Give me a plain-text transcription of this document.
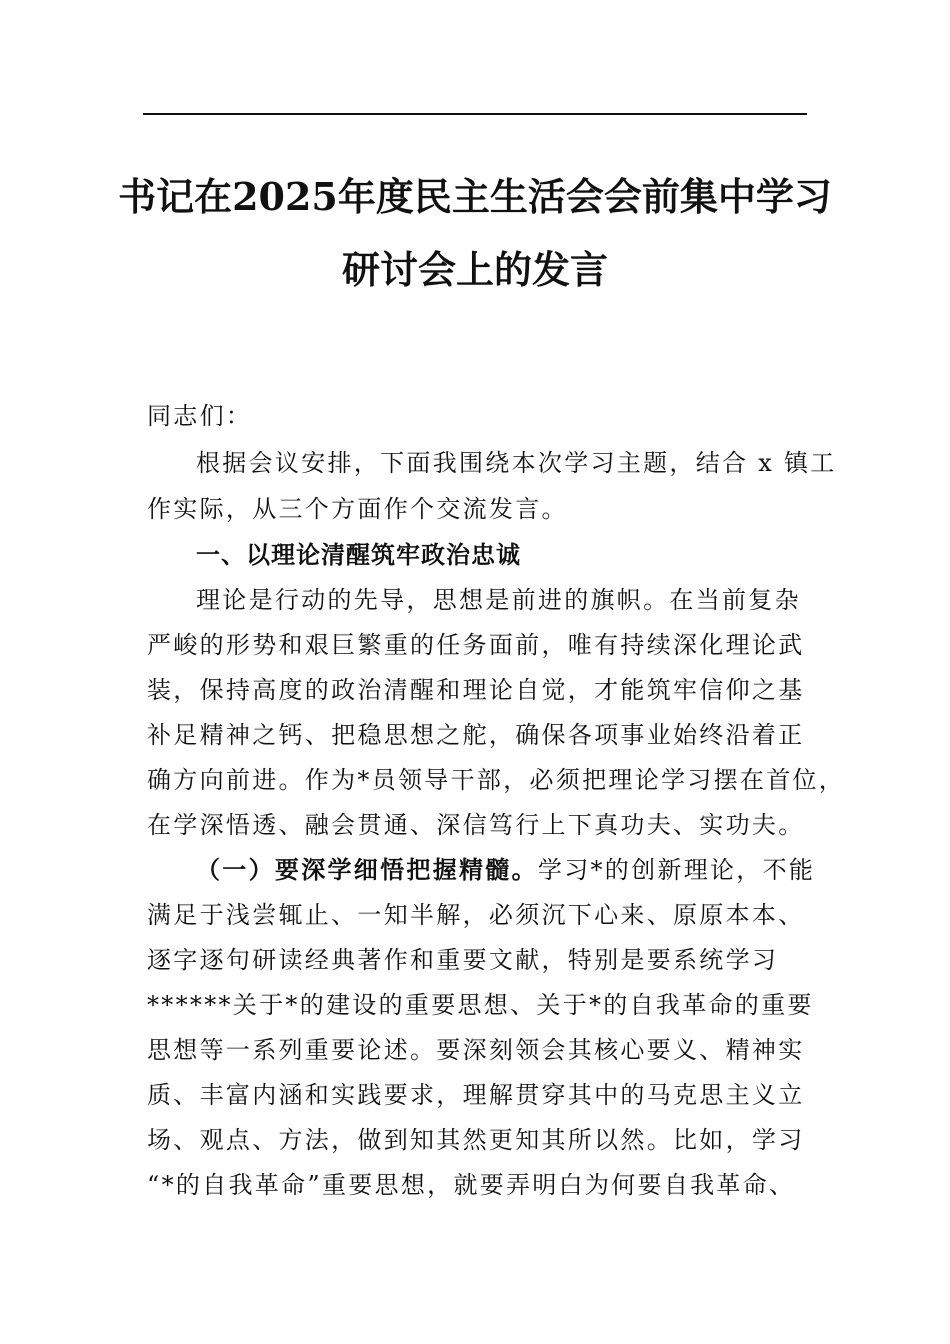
书记在2025年度民主生活会会前集中学习
研讨会上的发言
同志们：
根据会议安排，下面我围绕本次学习主题，结合 x 镇工
作实际，从三个方面作个交流发言。
一、以理论清醒筑牢政治忠诚
理论是行动的先导，思想是前进的旗帜。在当前复杂
严峻的形势和艰巨繁重的任务面前，唯有持续深化理论武
装，保持高度的政治清醒和理论自觉，才能筑牢信仰之基
补足精神之钙、把稳思想之舵，确保各项事业始终沿着正
确方向前进。作为*员领导干部，必须把理论学习摆在首位，
在学深悟透、融会贯通、深信笃行上下真功夫、实功夫。
（一）要深学细悟把握精髓。学习*的创新理论，不能
满足于浅尝辄止、一知半解，必须沉下心来、原原本本、
逐字逐句研读经典著作和重要文献，特别是要系统学习
******关于*的建设的重要思想、关于*的自我革命的重要
思想等一系列重要论述。要深刻领会其核心要义、精神实
质、丰富内涵和实践要求，理解贯穿其中的马克思主义立
场、观点、方法，做到知其然更知其所以然。比如，学习
“*的自我革命”重要思想，就要弄明白为何要自我革命、
